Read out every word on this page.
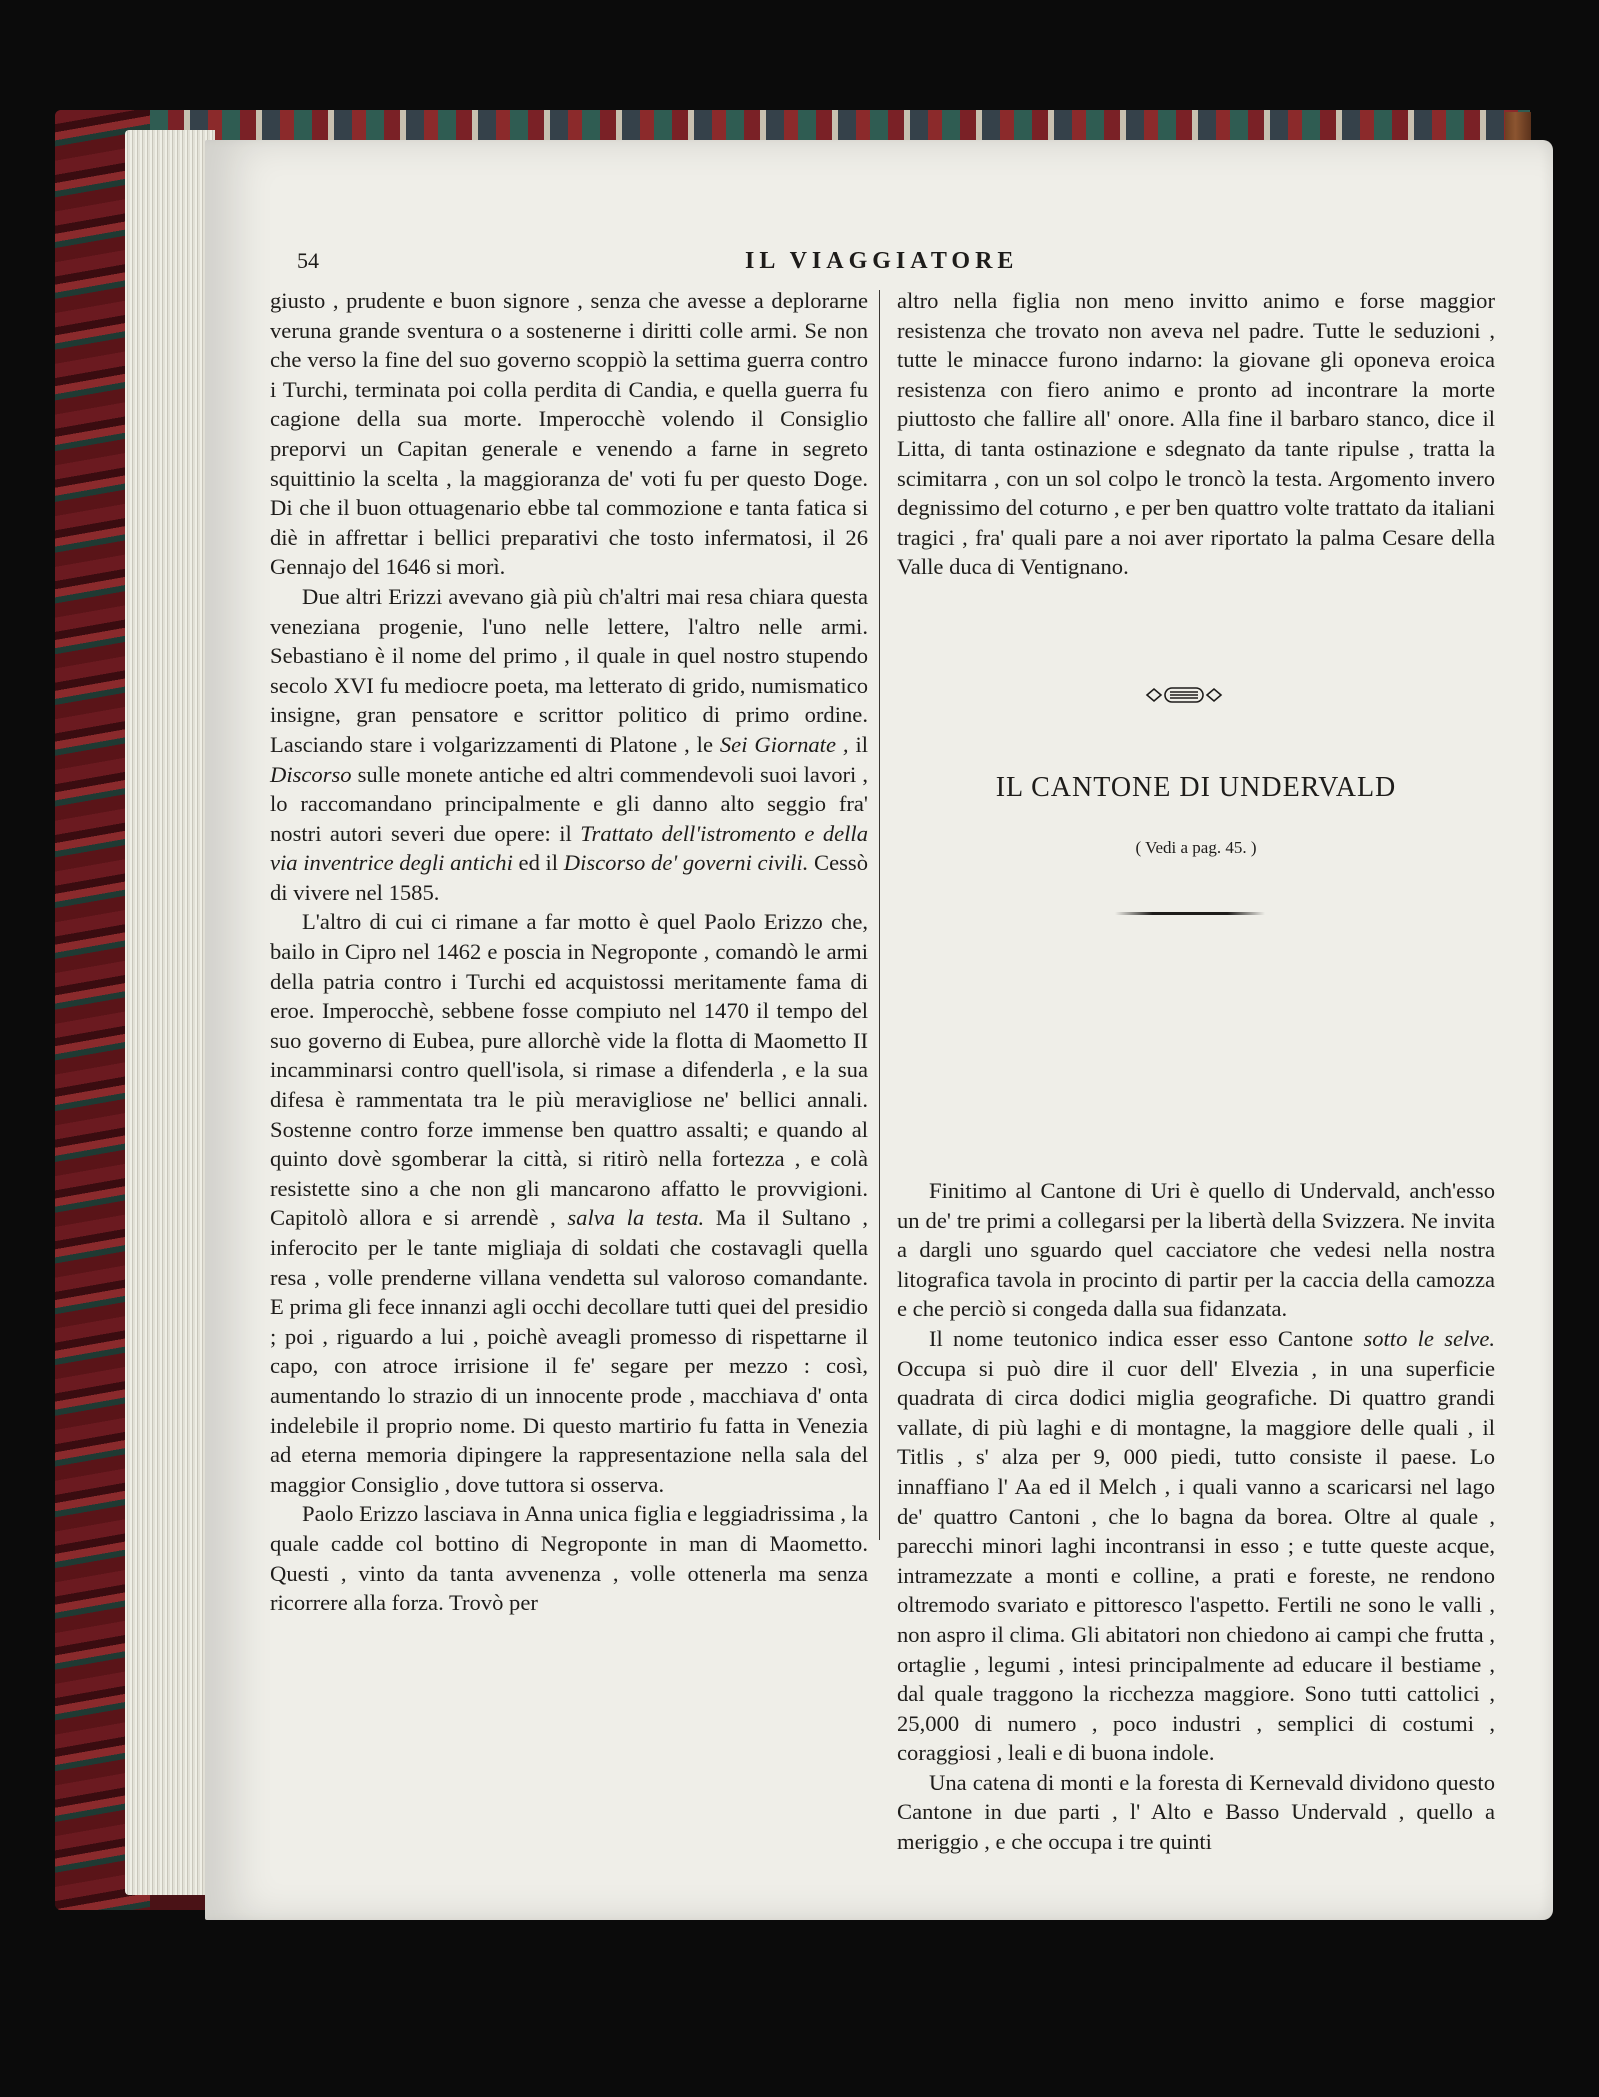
54	IL VIAGGIATORE

giusto , prudente e buon signore , senza che avesse a deplorarne veruna grande sventura o a sostenerne i diritti colle armi. Se non che verso la fine del suo governo scoppiò la settima guerra contro i Turchi, terminata poi colla perdita di Candia, e quella guerra fu cagione della sua morte. Imperocchè volendo il Consiglio preporvi un Capitan generale e venendo a farne in segreto squittinio la scelta , la maggioranza de' voti fu per questo Doge. Di che il buon ottuagenario ebbe tal commozione e tanta fatica si diè in affrettar i bellici preparativi che tosto infermatosi, il 26 Gennajo del 1646 si morì.

Due altri Erizzi avevano già più ch'altri mai resa chiara questa veneziana progenie, l'uno nelle lettere, l'altro nelle armi. Sebastiano è il nome del primo , il quale in quel nostro stupendo secolo XVI fu mediocre poeta, ma letterato di grido, numismatico insigne, gran pensatore e scrittor politico di primo ordine. Lasciando stare i volgarizzamenti di Platone , le Sei Giornate , il Discorso sulle monete antiche ed altri commendevoli suoi lavori , lo raccomandano principalmente e gli danno alto seggio fra' nostri autori severi due opere: il Trattato dell'istromento e della via inventrice degli antichi ed il Discorso de' governi civili. Cessò di vivere nel 1585.

L'altro di cui ci rimane a far motto è quel Paolo Erizzo che, bailo in Cipro nel 1462 e poscia in Negroponte , comandò le armi della patria contro i Turchi ed acquistossi meritamente fama di eroe. Imperocchè, sebbene fosse compiuto nel 1470 il tempo del suo governo di Eubea, pure allorchè vide la flotta di Maometto II incamminarsi contro quell'isola, si rimase a difenderla , e la sua difesa è rammentata tra le più meravigliose ne' bellici annali. Sostenne contro forze immense ben quattro assalti; e quando al quinto dovè sgomberar la città, si ritirò nella fortezza , e colà resistette sino a che non gli mancarono affatto le provvigioni. Capitolò allora e si arrendè , salva la testa. Ma il Sultano , inferocito per le tante migliaja di soldati che costavagli quella resa , volle prenderne villana vendetta sul valoroso comandante. E prima gli fece innanzi agli occhi decollare tutti quei del presidio ; poi , riguardo a lui , poichè aveagli promesso di rispettarne il capo, con atroce irrisione il fe' segare per mezzo : così, aumentando lo strazio di un innocente prode , macchiava d' onta indelebile il proprio nome. Di questo martirio fu fatta in Venezia ad eterna memoria dipingere la rappresentazione nella sala del maggior Consiglio , dove tuttora si osserva.

Paolo Erizzo lasciava in Anna unica figlia e leggiadrissima , la quale cadde col bottino di Negroponte in man di Maometto. Questi , vinto da tanta avvenenza , volle ottenerla ma senza ricorrere alla forza. Trovò per

altro nella figlia non meno invitto animo e forse maggior resistenza che trovato non aveva nel padre. Tutte le seduzioni , tutte le minacce furono indarno: la giovane gli oponeva eroica resistenza con fiero animo e pronto ad incontrare la morte piuttosto che fallire all' onore. Alla fine il barbaro stanco, dice il Litta, di tanta ostinazione e sdegnato da tante ripulse , tratta la scimitarra , con un sol colpo le troncò la testa. Argomento invero degnissimo del coturno , e per ben quattro volte trattato da italiani tragici , fra' quali pare a noi aver riportato la palma Cesare della Valle duca di Ventignano.

IL CANTONE DI UNDERVALD

( Vedi a pag. 45. )

Finitimo al Cantone di Uri è quello di Undervald, anch'esso un de' tre primi a collegarsi per la libertà della Svizzera. Ne invita a dargli uno sguardo quel cacciatore che vedesi nella nostra litografica tavola in procinto di partir per la caccia della camozza e che perciò si congeda dalla sua fidanzata.

Il nome teutonico indica esser esso Cantone sotto le selve. Occupa si può dire il cuor dell' Elvezia , in una superficie quadrata di circa dodici miglia geografiche. Di quattro grandi vallate, di più laghi e di montagne, la maggiore delle quali , il Titlis , s' alza per 9, 000 piedi, tutto consiste il paese. Lo innaffiano l' Aa ed il Melch , i quali vanno a scaricarsi nel lago de' quattro Cantoni , che lo bagna da borea. Oltre al quale , parecchi minori laghi incontransi in esso ; e tutte queste acque, intramezzate a monti e colline, a prati e foreste, ne rendono oltremodo svariato e pittoresco l'aspetto. Fertili ne sono le valli , non aspro il clima. Gli abitatori non chiedono ai campi che frutta , ortaglie , legumi , intesi principalmente ad educare il bestiame , dal quale traggono la ricchezza maggiore. Sono tutti cattolici , 25,000 di numero , poco industri , semplici di costumi , coraggiosi , leali e di buona indole.

Una catena di monti e la foresta di Kernevald dividono questo Cantone in due parti , l' Alto e Basso Undervald , quello a meriggio , e che occupa i tre quinti
